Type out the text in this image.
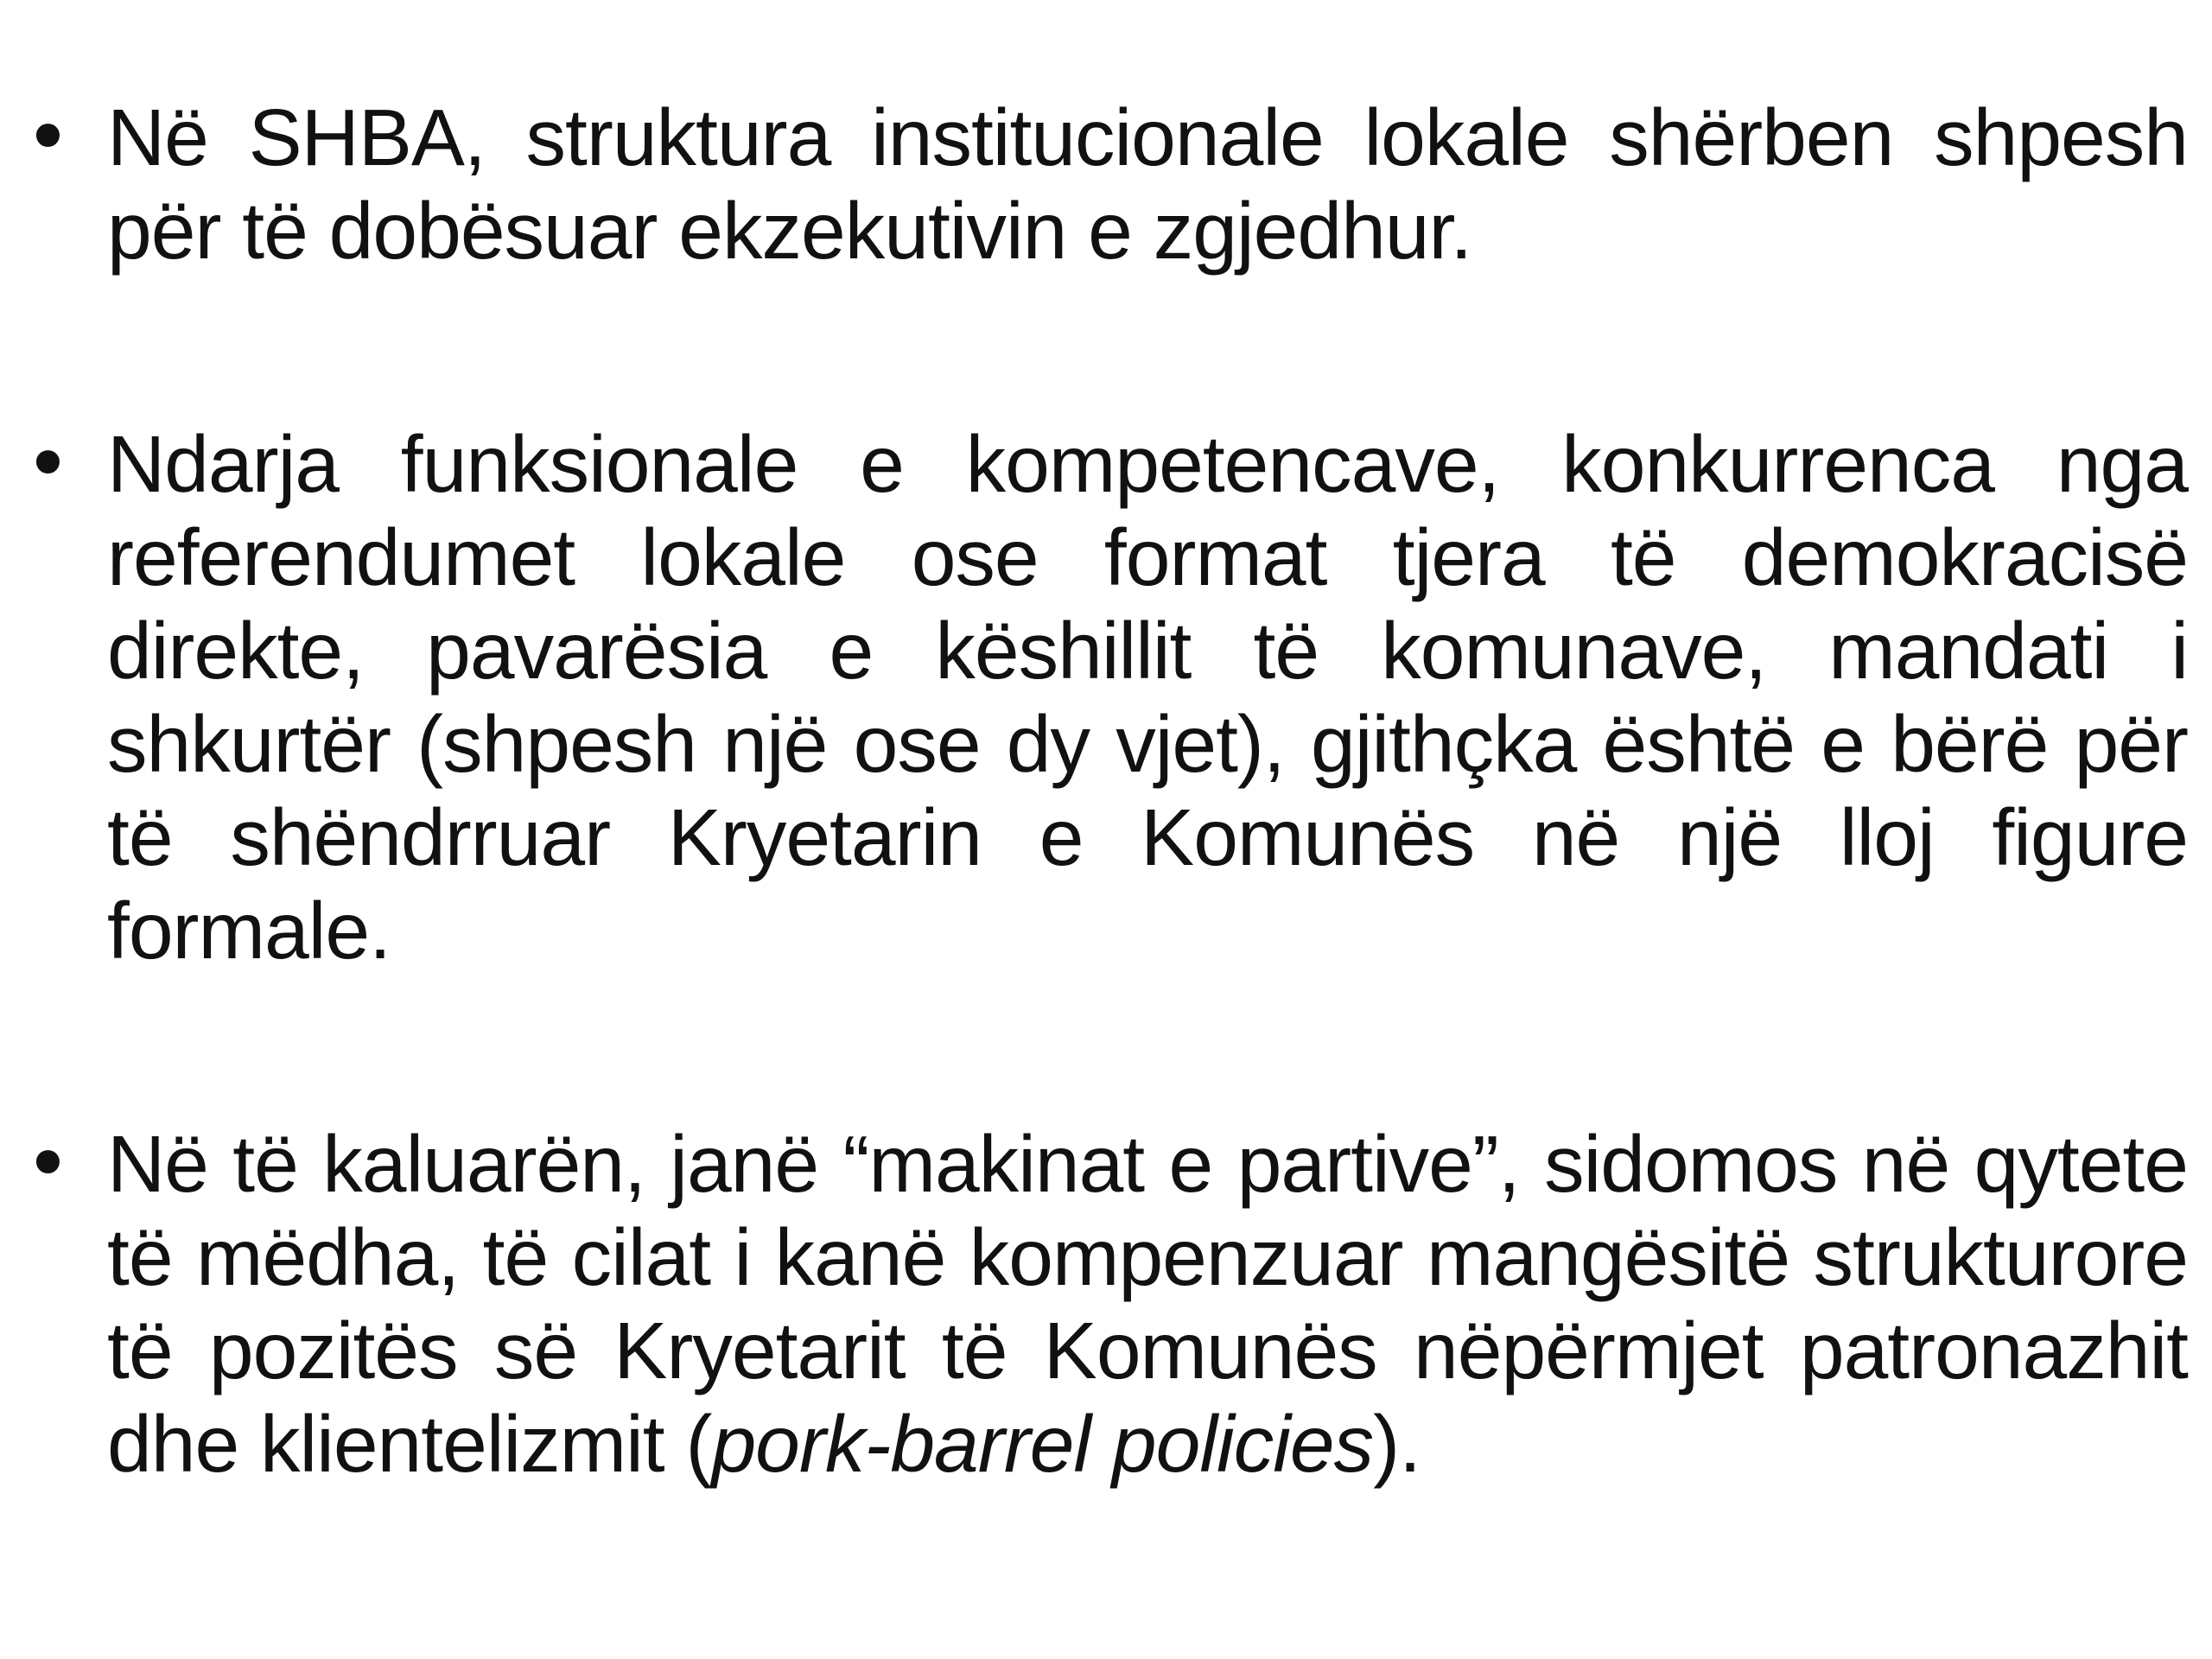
• Në SHBA, struktura institucionale lokale shërben shpesh për të dobësuar ekzekutivin e zgjedhur.
• Ndarja funksionale e kompetencave, konkurrenca nga referendumet lokale ose format tjera të demokracisë direkte, pavarësia e këshillit të komunave, mandati i shkurtër (shpesh një ose dy vjet), gjithçka është e bërë për të shëndrruar Kryetarin e Komunës në një lloj figure formale.
• Në të kaluarën, janë “makinat e partive”, sidomos në qytete të mëdha, të cilat i kanë kompenzuar mangësitë strukturore të pozitës së Kryetarit të Komunës nëpërmjet patronazhit dhe klientelizmit (pork-barrel policies).
